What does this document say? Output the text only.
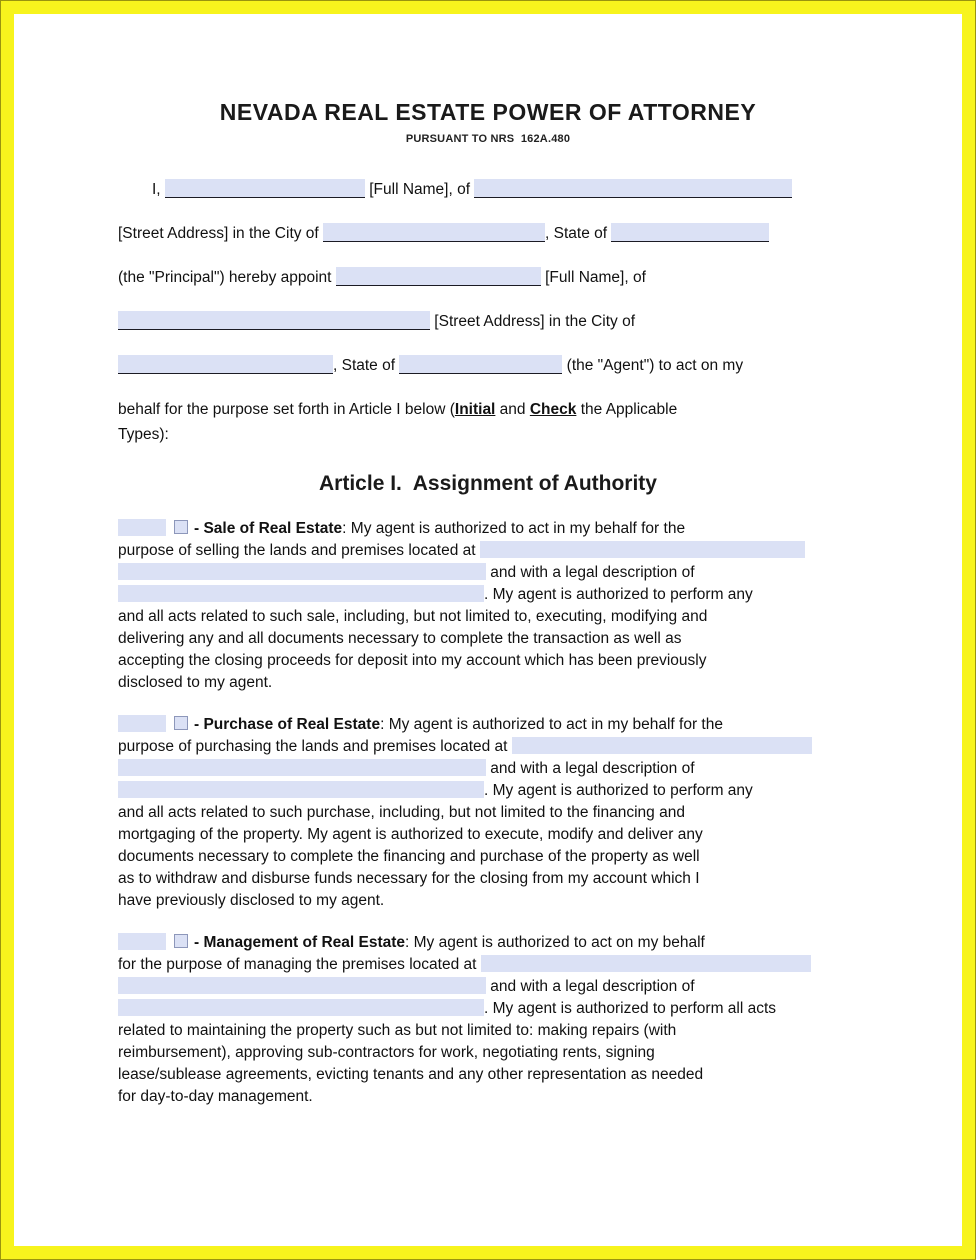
NEVADA REAL ESTATE POWER OF ATTORNEY
PURSUANT TO NRS  162A.480
I,	[Full Name], of
[Street Address] in the City of	, State of
(the "Principal") hereby appoint	[Full Name], of
[Street Address] in the City of
, State of	(the "Agent") to act on my
behalf for the purpose set forth in Article I below (Initial and Check the Applicable
Types):
Article I.  Assignment of Authority
- Sale of Real Estate: My agent is authorized to act in my behalf for the
purpose of selling the lands and premises located at
and with a legal description of
. My agent is authorized to perform any
and all acts related to such sale, including, but not limited to, executing, modifying and
delivering any and all documents necessary to complete the transaction as well as
accepting the closing proceeds for deposit into my account which has been previously
disclosed to my agent.
- Purchase of Real Estate: My agent is authorized to act in my behalf for the
purpose of purchasing the lands and premises located at
and with a legal description of
. My agent is authorized to perform any
and all acts related to such purchase, including, but not limited to the financing and
mortgaging of the property. My agent is authorized to execute, modify and deliver any
documents necessary to complete the financing and purchase of the property as well
as to withdraw and disburse funds necessary for the closing from my account which I
have previously disclosed to my agent.
- Management of Real Estate: My agent is authorized to act on my behalf
for the purpose of managing the premises located at
and with a legal description of
. My agent is authorized to perform all acts
related to maintaining the property such as but not limited to: making repairs (with
reimbursement), approving sub-contractors for work, negotiating rents, signing
lease/sublease agreements, evicting tenants and any other representation as needed
for day-to-day management.
